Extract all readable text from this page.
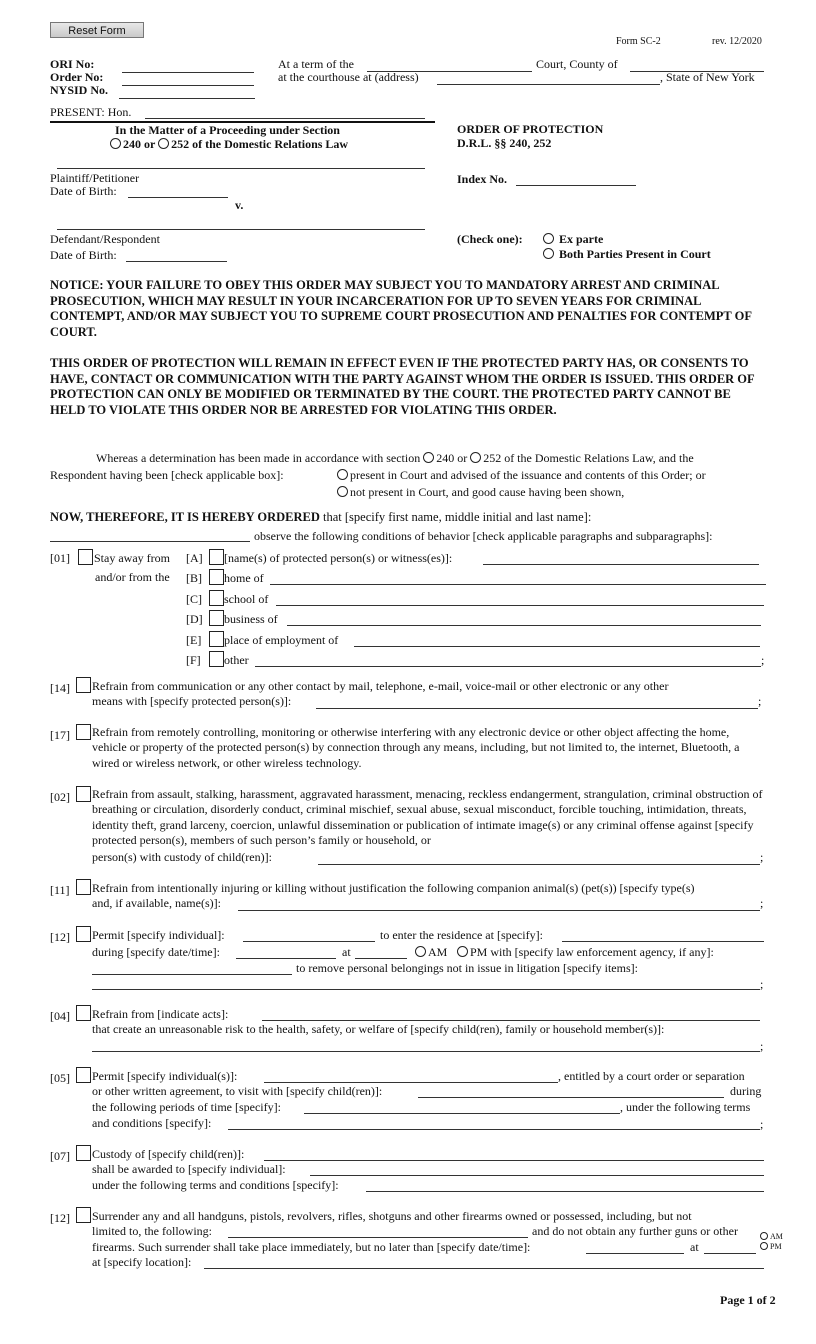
Reset Form
Form SC-2	rev. 12/2020
ORI No:
Order No:
NYSID No.
At a term of the	Court, County of
at the courthouse at (address)	, State of New York
PRESENT: Hon.
In the Matter of a Proceeding under Section
240 or 252 of the Domestic Relations Law
Plaintiff/Petitioner
Date of Birth:
v.
Defendant/Respondent
Date of Birth:
ORDER OF PROTECTION
D.R.L. §§ 240, 252
Index No.
(Check one):	Ex parte
Both Parties Present in Court
NOTICE: YOUR FAILURE TO OBEY THIS ORDER MAY SUBJECT YOU TO MANDATORY ARREST AND CRIMINAL PROSECUTION, WHICH MAY RESULT IN YOUR INCARCERATION FOR UP TO SEVEN YEARS FOR CRIMINAL CONTEMPT, AND/OR MAY SUBJECT YOU TO SUPREME COURT PROSECUTION AND PENALTIES FOR CONTEMPT OF COURT.
THIS ORDER OF PROTECTION WILL REMAIN IN EFFECT EVEN IF THE PROTECTED PARTY HAS, OR CONSENTS TO HAVE, CONTACT OR COMMUNICATION WITH THE PARTY AGAINST WHOM THE ORDER IS ISSUED. THIS ORDER OF PROTECTION CAN ONLY BE MODIFIED OR TERMINATED BY THE COURT. THE PROTECTED PARTY CANNOT BE HELD TO VIOLATE THIS ORDER NOR BE ARRESTED FOR VIOLATING THIS ORDER.
Whereas a determination has been made in accordance with section 240 or 252 of the Domestic Relations Law, and the
Respondent having been [check applicable box]:	present in Court and advised of the issuance and contents of this Order; or
not present in Court, and good cause having been shown,
NOW, THEREFORE, IT IS HEREBY ORDERED that [specify first name, middle initial and last name]:
observe the following conditions of behavior [check applicable paragraphs and subparagraphs]:
[01] Stay away from
and/or from the
[A] [name(s) of protected person(s) or witness(es)]:
[B] home of
[C] school of
[D] business of
[E] place of employment of
[F] other	;
[14] Refrain from communication or any other contact by mail, telephone, e-mail, voice-mail or other electronic or any other
means with [specify protected person(s)]:	;
[17] Refrain from remotely controlling, monitoring or otherwise interfering with any electronic device or other object affecting the home, vehicle or property of the protected person(s) by connection through any means, including, but not limited to, the internet, Bluetooth, a wired or wireless network, or other wireless technology.
[02] Refrain from assault, stalking, harassment, aggravated harassment, menacing, reckless endangerment, strangulation, criminal obstruction of breathing or circulation, disorderly conduct, criminal mischief, sexual abuse, sexual misconduct, forcible touching, intimidation, threats, identity theft, grand larceny, coercion, unlawful dissemination or publication of intimate image(s) or any criminal offense against [specify protected person(s), members of such person’s family or household, or
person(s) with custody of child(ren)]:	;
[11] Refrain from intentionally injuring or killing without justification the following companion animal(s) (pet(s)) [specify type(s)
and, if available, name(s)]:	;
[12] Permit [specify individual]:	to enter the residence at [specify]:
during [specify date/time]:	at	AM	PM with [specify law enforcement agency, if any]:
to remove personal belongings not in issue in litigation [specify items]:
;
[04] Refrain from [indicate acts]:
that create an unreasonable risk to the health, safety, or welfare of [specify child(ren), family or household member(s)]:
;
[05] Permit [specify individual(s)]:	, entitled by a court order or separation
or other written agreement, to visit with [specify child(ren)]:	during
the following periods of time [specify]:	, under the following terms
and conditions [specify]:	;
[07] Custody of [specify child(ren)]:
shall be awarded to [specify individual]:
under the following terms and conditions [specify]:
[12] Surrender any and all handguns, pistols, revolvers, rifles, shotguns and other firearms owned or possessed, including, but not
limited to, the following:	and do not obtain any further guns or other
firearms. Such surrender shall take place immediately, but no later than [specify date/time]:	at
AM
PM
at [specify location]:
Page 1 of 2
